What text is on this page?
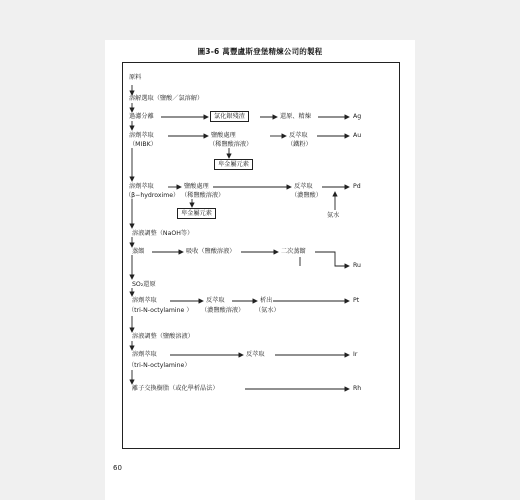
圖3-6 萬豐盧斯登堡精煉公司的製程
原料
溶解選取（鹽酸／氯溶解）
過濾分離	氯化銀殘渣	還原、精煉	Ag
溶劑萃取
（MIBK）
鹽酸處理
（稀鹽酸溶液）
反萃取
（鐵粉）
Au
卑金屬元素
溶劑萃取
（β−hydroxime）
鹽酸處理
（稀鹽酸溶液）
反萃取
（濃鹽酸）
Pd
卑金屬元素	氨水
溶液調整（NaOH等）
蒸餾	吸收（鹽酸溶液）	二次蒸餾
Ru
SO₂還原
溶劑萃取
（tri-N-octylamine ）
反萃取
（濃鹽酸溶液）
析出
（氨水）
Pt
溶液調整（鹽酸溶液）
溶劑萃取
（tri-N-octylamine）
反萃取	Ir
離子交換樹脂（或化學析晶法）	Rh
60
